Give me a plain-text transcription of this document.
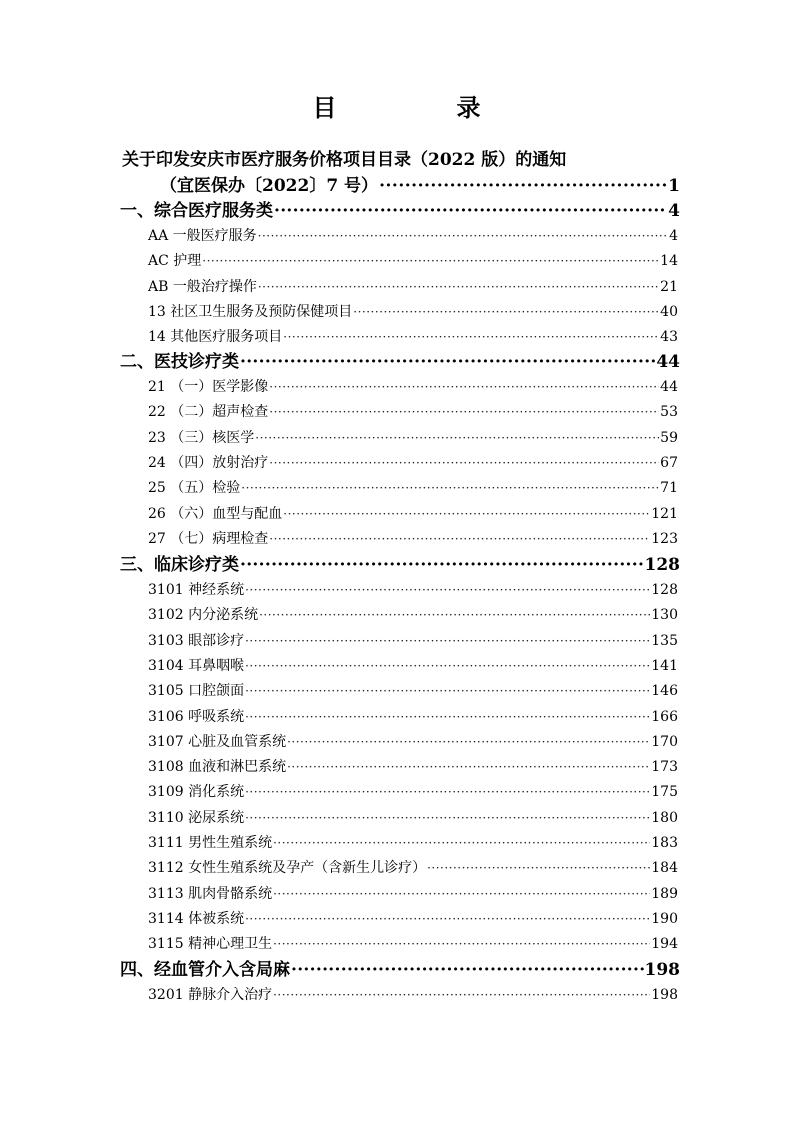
目　录
关于印发安庆市医疗服务价格项目目录（2022 版）的通知
（宜医保办〔2022〕7 号） ·····	1
一、综合医疗服务类 ·····	4
AA 一般医疗服务 ·····	4
AC 护理 ·····	14
AB 一般治疗操作 ·····	21
13 社区卫生服务及预防保健项目 ·····	40
14 其他医疗服务项目 ·····	43
二、医技诊疗类 ·····	44
21 （一）医学影像 ·····	44
22 （二）超声检查 ·····	53
23 （三）核医学 ·····	59
24 （四）放射治疗 ·····	67
25 （五）检验 ·····	71
26 （六）血型与配血 ·····	121
27 （七）病理检查 ·····	123
三、临床诊疗类 ·····	128
3101 神经系统 ·····	128
3102 内分泌系统 ·····	130
3103 眼部诊疗 ·····	135
3104 耳鼻咽喉 ·····	141
3105 口腔颌面 ·····	146
3106 呼吸系统 ·····	166
3107 心脏及血管系统 ·····	170
3108 血液和淋巴系统 ·····	173
3109 消化系统 ·····	175
3110 泌尿系统 ·····	180
3111 男性生殖系统 ·····	183
3112 女性生殖系统及孕产（含新生儿诊疗） ·····	184
3113 肌肉骨骼系统 ·····	189
3114 体被系统 ·····	190
3115 精神心理卫生 ·····	194
四、经血管介入含局麻 ·····	198
3201 静脉介入治疗 ·····	198
